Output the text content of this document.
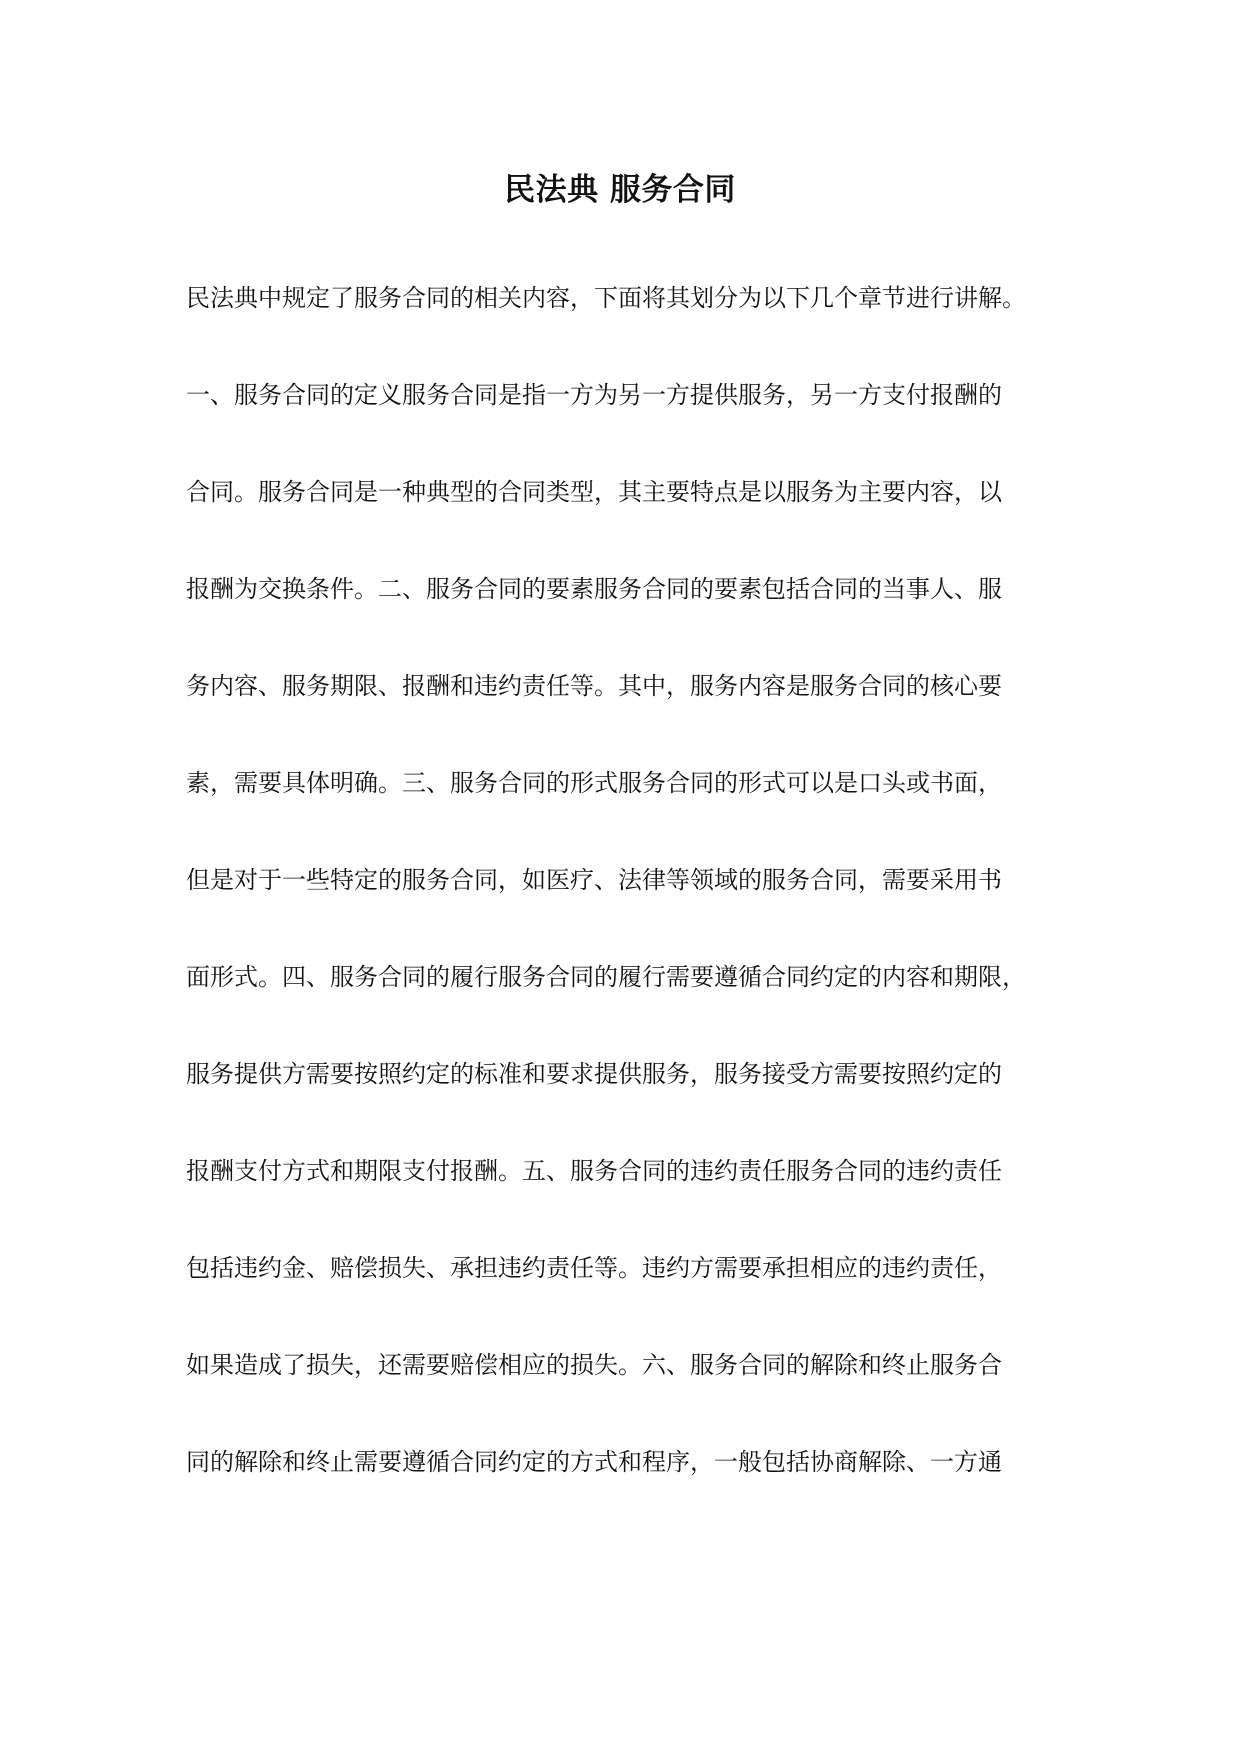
民法典 服务合同
民法典中规定了服务合同的相关内容，下面将其划分为以下几个章节进行讲解。
一、服务合同的定义服务合同是指一方为另一方提供服务，另一方支付报酬的
合同。服务合同是一种典型的合同类型，其主要特点是以服务为主要内容，以
报酬为交换条件。二、服务合同的要素服务合同的要素包括合同的当事人、服
务内容、服务期限、报酬和违约责任等。其中，服务内容是服务合同的核心要
素，需要具体明确。三、服务合同的形式服务合同的形式可以是口头或书面，
但是对于一些特定的服务合同，如医疗、法律等领域的服务合同，需要采用书
面形式。四、服务合同的履行服务合同的履行需要遵循合同约定的内容和期限，
服务提供方需要按照约定的标准和要求提供服务，服务接受方需要按照约定的
报酬支付方式和期限支付报酬。五、服务合同的违约责任服务合同的违约责任
包括违约金、赔偿损失、承担违约责任等。违约方需要承担相应的违约责任，
如果造成了损失，还需要赔偿相应的损失。六、服务合同的解除和终止服务合
同的解除和终止需要遵循合同约定的方式和程序，一般包括协商解除、一方通
